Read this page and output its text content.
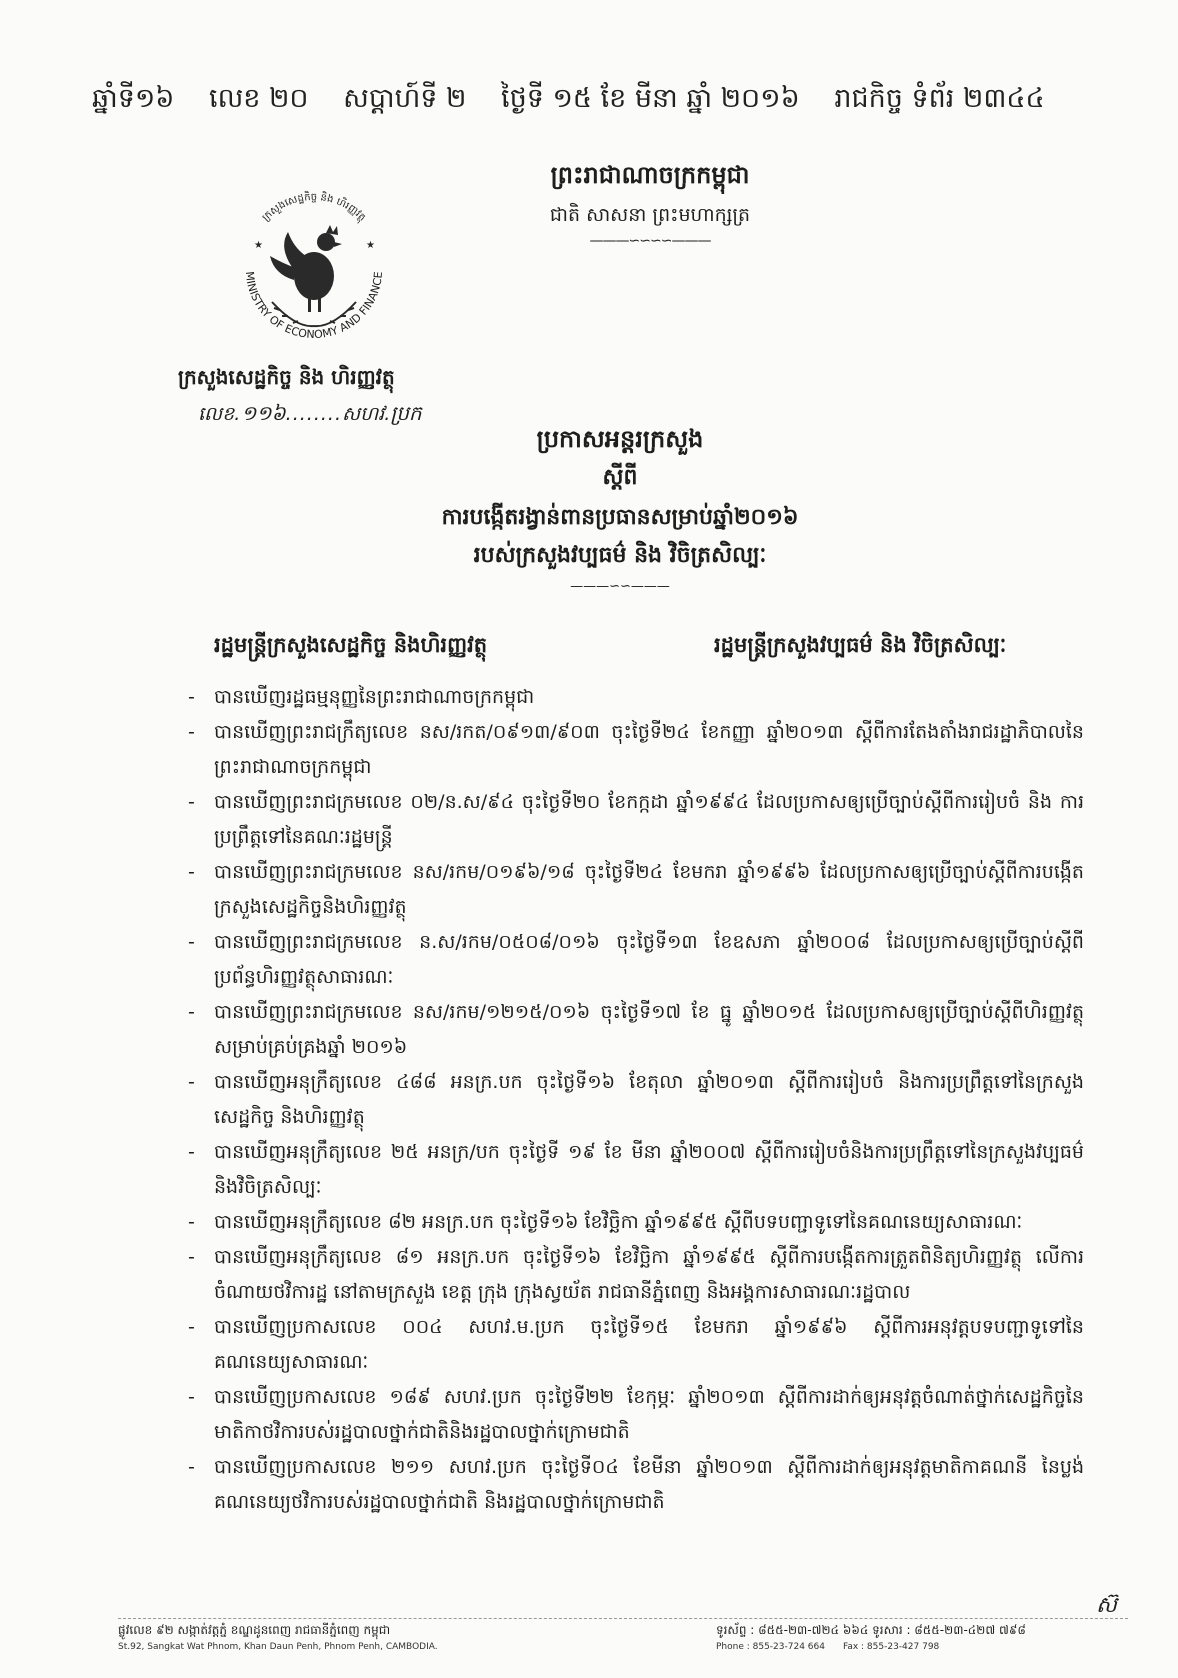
ឆ្នាំទី១៦ លេខ ២០ សប្តាហ៍ទី ២ ថ្ងៃទី ១៥ ខែ មីនា ឆ្នាំ ២០១៦ រាជកិច្ច ទំព័រ ២៣៤៤
ព្រះរាជាណាចក្រកម្ពុជា
ជាតិ សាសនា ព្រះមហាក្សត្រ
———∽∽∽∽———
MINISTRY OF ECONOMY AND FINANCE
ក្រសួងសេដ្ឋកិច្ច និង ហិរញ្ញវត្ថុ
★	★
ក្រសួងសេដ្ឋកិច្ច និង ហិរញ្ញវត្ថុ
លេខ.១១៦........សហវ.ប្រក
ប្រកាសអន្តរក្រសួង
ស្តីពី
ការបង្កើតរង្វាន់ពានប្រធានសម្រាប់ឆ្នាំ២០១៦
របស់ក្រសួងវប្បធម៌ និង វិចិត្រសិល្បៈ
———∽∽———
រដ្ឋមន្ត្រីក្រសួងសេដ្ឋកិច្ច និងហិរញ្ញវត្ថុ	រដ្ឋមន្ត្រីក្រសួងវប្បធម៌ និង វិចិត្រសិល្បៈ
- បានឃើញរដ្ឋធម្មនុញ្ញនៃព្រះរាជាណាចក្រកម្ពុជា
- បានឃើញព្រះរាជក្រឹត្យលេខ នស/រកត/០៩១៣/៩០៣ ចុះថ្ងៃទី២៤ ខែកញ្ញា ឆ្នាំ២០១៣ ស្តីពីការតែងតាំងរាជរដ្ឋាភិបាលនៃព្រះរាជាណាចក្រកម្ពុជា
- បានឃើញព្រះរាជក្រមលេខ ០២/ន.ស/៩៤ ចុះថ្ងៃទី២០ ខែកក្កដា ឆ្នាំ១៩៩៤ ដែលប្រកាសឲ្យប្រើច្បាប់ស្តីពីការរៀបចំ និង ការប្រព្រឹត្តទៅនៃគណៈរដ្ឋមន្ត្រី
- បានឃើញព្រះរាជក្រមលេខ នស/រកម/០១៩៦/១៨ ចុះថ្ងៃទី២៤ ខែមករា ឆ្នាំ១៩៩៦ ដែលប្រកាសឲ្យប្រើច្បាប់ស្តីពីការបង្កើតក្រសួងសេដ្ឋកិច្ចនិងហិរញ្ញវត្ថុ
- បានឃើញព្រះរាជក្រមលេខ ន.ស/រកម/០៥០៨/០១៦ ចុះថ្ងៃទី១៣ ខែឧសភា ឆ្នាំ២០០៨ ដែលប្រកាសឲ្យប្រើច្បាប់ស្តីពីប្រព័ន្ធហិរញ្ញវត្ថុសាធារណៈ
- បានឃើញព្រះរាជក្រមលេខ នស/រកម/១២១៥/០១៦ ចុះថ្ងៃទី១៧ ខែ ធ្នូ ឆ្នាំ២០១៥ ដែលប្រកាសឲ្យប្រើច្បាប់ស្តីពីហិរញ្ញវត្ថុសម្រាប់គ្រប់គ្រងឆ្នាំ ២០១៦
- បានឃើញអនុក្រឹត្យលេខ ៤៨៨ អនក្រ.បក ចុះថ្ងៃទី១៦ ខែតុលា ឆ្នាំ២០១៣ ស្តីពីការរៀបចំ និងការប្រព្រឹត្តទៅនៃក្រសួងសេដ្ឋកិច្ច និងហិរញ្ញវត្ថុ
- បានឃើញអនុក្រឹត្យលេខ ២៥ អនក្រ/បក ចុះថ្ងៃទី ១៩ ខែ មីនា ឆ្នាំ២០០៧ ស្តីពីការរៀបចំនិងការប្រព្រឹត្តទៅនៃក្រសួងវប្បធម៌ និងវិចិត្រសិល្បៈ
- បានឃើញអនុក្រឹត្យលេខ ៨២ អនក្រ.បក ចុះថ្ងៃទី១៦ ខែវិច្ឆិកា ឆ្នាំ១៩៩៥ ស្តីពីបទបញ្ជាទូទៅនៃគណនេយ្យសាធារណៈ
- បានឃើញអនុក្រឹត្យលេខ ៨១ អនក្រ.បក ចុះថ្ងៃទី១៦ ខែវិច្ឆិកា ឆ្នាំ១៩៩៥ ស្តីពីការបង្កើតការត្រួតពិនិត្យហិរញ្ញវត្ថុ លើការចំណាយថវិការដ្ឋ នៅតាមក្រសួង ខេត្ត ក្រុង ក្រុងស្វយ័ត រាជធានីភ្នំពេញ និងអង្គការសាធារណៈរដ្ឋបាល
- បានឃើញប្រកាសលេខ ០០៤ សហវ.ម.ប្រក ចុះថ្ងៃទី១៥ ខែមករា ឆ្នាំ១៩៩៦ ស្តីពីការអនុវត្តបទបញ្ជាទូទៅនៃ គណនេយ្យសាធារណៈ
- បានឃើញប្រកាសលេខ ១៨៩ សហវ.ប្រក ចុះថ្ងៃទី២២ ខែកុម្ភៈ ឆ្នាំ២០១៣ ស្តីពីការដាក់ឲ្យអនុវត្តចំណាត់ថ្នាក់សេដ្ឋកិច្ចនៃមាតិកាថវិការបស់រដ្ឋបាលថ្នាក់ជាតិនិងរដ្ឋបាលថ្នាក់ក្រោមជាតិ
- បានឃើញប្រកាសលេខ ២១១ សហវ.ប្រក ចុះថ្ងៃទី០៤ ខែមីនា ឆ្នាំ២០១៣ ស្តីពីការដាក់ឲ្យអនុវត្តមាតិកាគណនី នៃប្លង់គណនេយ្យថវិការបស់រដ្ឋបាលថ្នាក់ជាតិ និងរដ្ឋបាលថ្នាក់ក្រោមជាតិ
ស៊
ផ្លូវលេខ ៩២ សង្កាត់វត្តភ្នំ ខណ្ឌដូនពេញ រាជធានីភ្នំពេញ កម្ពុជា
St.92, Sangkat Wat Phnom, Khan Daun Penh, Phnom Penh, CAMBODIA.
ទូរស័ព្ទ : ៨៥៥-២៣-៧២៤ ៦៦៤ ទូរសារ : ៨៥៥-២៣-៤២៧ ៧៩៨
Phone : 855-23-724 664 Fax : 855-23-427 798
